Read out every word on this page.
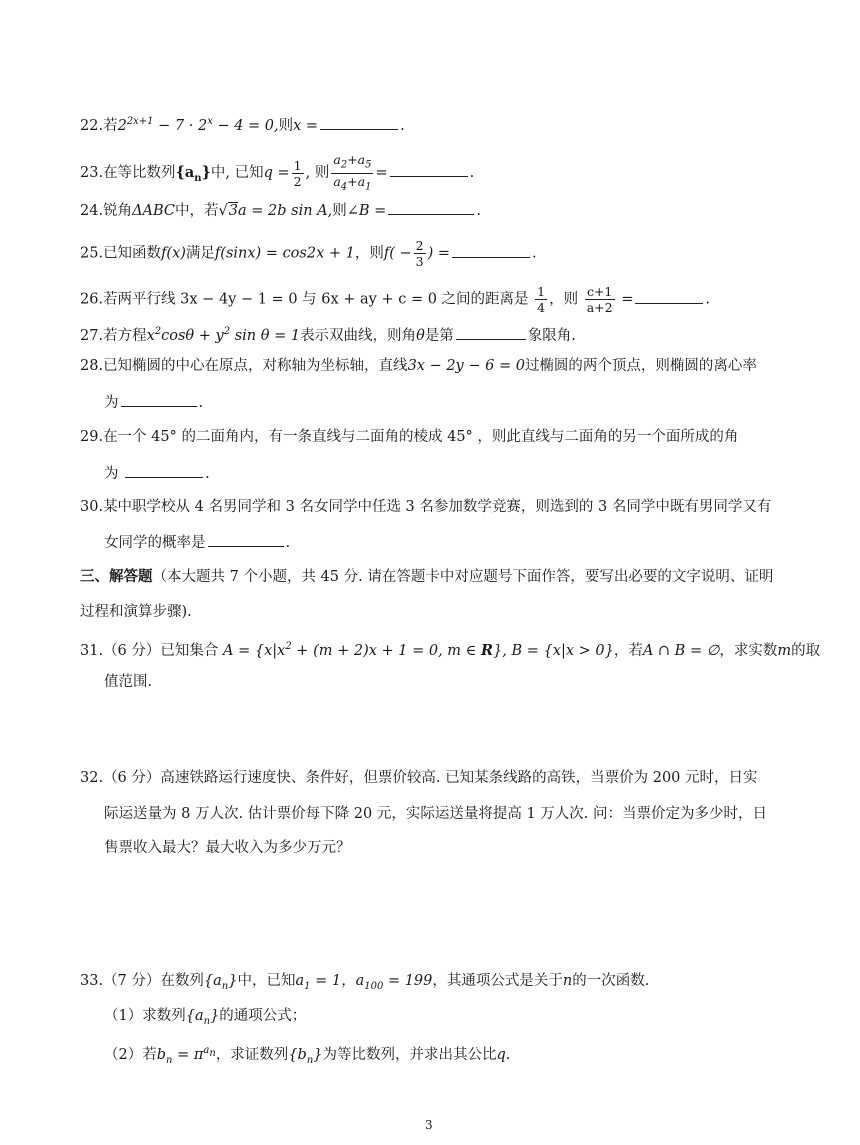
22.若$2^{2x+1} - 7 \cdot 2^x - 4 = 0$,则x =	.
23.在等比数列$\{a_n\}$中, 已知$q = \frac{1}{2}$ , 则 $\frac{a_2+a_5}{a_4+a_1}$ =	.
24.锐角ΔABC中，若√3a = 2b sin A,则∠B =	.
25.已知函数f(x)满足f(sinx) = cos2x + 1，则$f( - \frac{2}{3}$ ) =	.
26.若两平行线 3x − 4y − 1 = 0 与 6x + ay + c = 0 之间的距离是 $\frac{1}{4}$ ，则 $\frac{c+1}{a+2}$ =	.
27.若方程$x^2\cos\theta + y^2$ sin θ = 1表示双曲线，则角θ是第	象限角.
28.已知椭圆的中心在原点，对称轴为坐标轴，直线3x − 2y − 6 = 0过椭圆的两个顶点，则椭圆的离心率
为	.
29.在一个 45° 的二面角内，有一条直线与二面角的棱成 45° ，则此直线与二面角的另一个面所成的角
为	.
30.某中职学校从 4 名男同学和 3 名女同学中任选 3 名参加数学竞赛，则选到的 3 名同学中既有男同学又有
女同学的概率是	.
三、解答题（本大题共 7 个小题，共 45 分. 请在答题卡中对应题号下面作答，要写出必要的文字说明、证明
过程和演算步骤).
31.（6 分）已知集合 $A = \{x|x^2 + (m + 2)x + 1 = 0$, m ∈ R}, B = {x|x > 0}，若A ∩ B = ∅，求实数m的取
值范围.
32.（6 分）高速铁路运行速度快、条件好，但票价较高. 已知某条线路的高铁，当票价为 200 元时，日实
际运送量为 8 万人次. 估计票价每下降 20 元，实际运送量将提高 1 万人次. 问：当票价定为多少时，日
售票收入最大？最大收入为多少万元？
33.（7 分）在数列$\{a_n\}$中，已知$a_1 = 1$，$a_{100} = 199$，其通项公式是关于n的一次函数.
（1）求数列$\{a_n\}$的通项公式；
（2）若$b_n = \pi^{a_n}$，求证数列$\{b_n\}$为等比数列，并求出其公比q.
3
